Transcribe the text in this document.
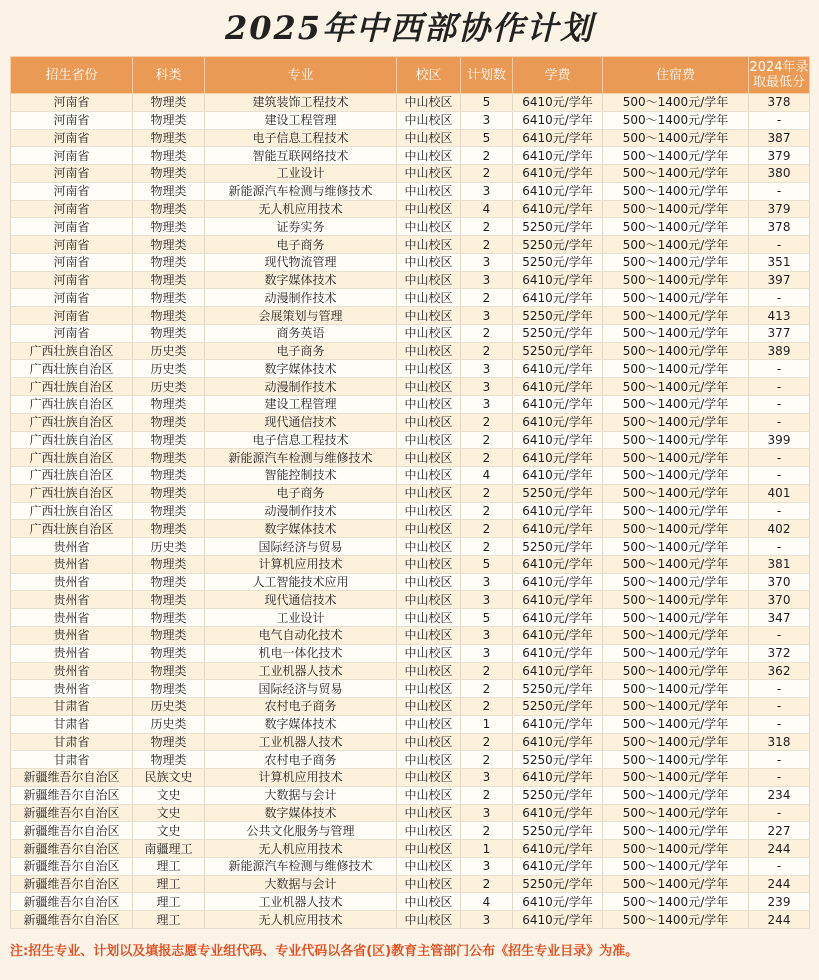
2025年中西部协作计划
招生省份	科类	专业	校区	计划数	学费	住宿费	2024年录取最低分
河南省	物理类	建筑装饰工程技术	中山校区	5	6410元/学年	500～1400元/学年	378
河南省	物理类	建设工程管理	中山校区	3	6410元/学年	500～1400元/学年	-
河南省	物理类	电子信息工程技术	中山校区	5	6410元/学年	500～1400元/学年	387
河南省	物理类	智能互联网络技术	中山校区	2	6410元/学年	500～1400元/学年	379
河南省	物理类	工业设计	中山校区	2	6410元/学年	500～1400元/学年	380
河南省	物理类	新能源汽车检测与维修技术	中山校区	3	6410元/学年	500～1400元/学年	-
河南省	物理类	无人机应用技术	中山校区	4	6410元/学年	500～1400元/学年	379
河南省	物理类	证券实务	中山校区	2	5250元/学年	500～1400元/学年	378
河南省	物理类	电子商务	中山校区	2	5250元/学年	500～1400元/学年	-
河南省	物理类	现代物流管理	中山校区	3	5250元/学年	500～1400元/学年	351
河南省	物理类	数字媒体技术	中山校区	3	6410元/学年	500～1400元/学年	397
河南省	物理类	动漫制作技术	中山校区	2	6410元/学年	500～1400元/学年	-
河南省	物理类	会展策划与管理	中山校区	3	5250元/学年	500～1400元/学年	413
河南省	物理类	商务英语	中山校区	2	5250元/学年	500～1400元/学年	377
广西壮族自治区	历史类	电子商务	中山校区	2	5250元/学年	500～1400元/学年	389
广西壮族自治区	历史类	数字媒体技术	中山校区	3	6410元/学年	500～1400元/学年	-
广西壮族自治区	历史类	动漫制作技术	中山校区	3	6410元/学年	500～1400元/学年	-
广西壮族自治区	物理类	建设工程管理	中山校区	3	6410元/学年	500～1400元/学年	-
广西壮族自治区	物理类	现代通信技术	中山校区	2	6410元/学年	500～1400元/学年	-
广西壮族自治区	物理类	电子信息工程技术	中山校区	2	6410元/学年	500～1400元/学年	399
广西壮族自治区	物理类	新能源汽车检测与维修技术	中山校区	2	6410元/学年	500～1400元/学年	-
广西壮族自治区	物理类	智能控制技术	中山校区	4	6410元/学年	500～1400元/学年	-
广西壮族自治区	物理类	电子商务	中山校区	2	5250元/学年	500～1400元/学年	401
广西壮族自治区	物理类	动漫制作技术	中山校区	2	6410元/学年	500～1400元/学年	-
广西壮族自治区	物理类	数字媒体技术	中山校区	2	6410元/学年	500～1400元/学年	402
贵州省	历史类	国际经济与贸易	中山校区	2	5250元/学年	500～1400元/学年	-
贵州省	物理类	计算机应用技术	中山校区	5	6410元/学年	500～1400元/学年	381
贵州省	物理类	人工智能技术应用	中山校区	3	6410元/学年	500～1400元/学年	370
贵州省	物理类	现代通信技术	中山校区	3	6410元/学年	500～1400元/学年	370
贵州省	物理类	工业设计	中山校区	5	6410元/学年	500～1400元/学年	347
贵州省	物理类	电气自动化技术	中山校区	3	6410元/学年	500～1400元/学年	-
贵州省	物理类	机电一体化技术	中山校区	3	6410元/学年	500～1400元/学年	372
贵州省	物理类	工业机器人技术	中山校区	2	6410元/学年	500～1400元/学年	362
贵州省	物理类	国际经济与贸易	中山校区	2	5250元/学年	500～1400元/学年	-
甘肃省	历史类	农村电子商务	中山校区	2	5250元/学年	500～1400元/学年	-
甘肃省	历史类	数字媒体技术	中山校区	1	6410元/学年	500～1400元/学年	-
甘肃省	物理类	工业机器人技术	中山校区	2	6410元/学年	500～1400元/学年	318
甘肃省	物理类	农村电子商务	中山校区	2	5250元/学年	500～1400元/学年	-
新疆维吾尔自治区	民族文史	计算机应用技术	中山校区	3	6410元/学年	500～1400元/学年	-
新疆维吾尔自治区	文史	大数据与会计	中山校区	2	5250元/学年	500～1400元/学年	234
新疆维吾尔自治区	文史	数字媒体技术	中山校区	3	6410元/学年	500～1400元/学年	-
新疆维吾尔自治区	文史	公共文化服务与管理	中山校区	2	5250元/学年	500～1400元/学年	227
新疆维吾尔自治区	南疆理工	无人机应用技术	中山校区	1	6410元/学年	500～1400元/学年	244
新疆维吾尔自治区	理工	新能源汽车检测与维修技术	中山校区	3	6410元/学年	500～1400元/学年	-
新疆维吾尔自治区	理工	大数据与会计	中山校区	2	5250元/学年	500～1400元/学年	244
新疆维吾尔自治区	理工	工业机器人技术	中山校区	4	6410元/学年	500～1400元/学年	239
新疆维吾尔自治区	理工	无人机应用技术	中山校区	3	6410元/学年	500～1400元/学年	244
注:招生专业、计划以及填报志愿专业组代码、专业代码以各省(区)教育主管部门公布《招生专业目录》为准。
